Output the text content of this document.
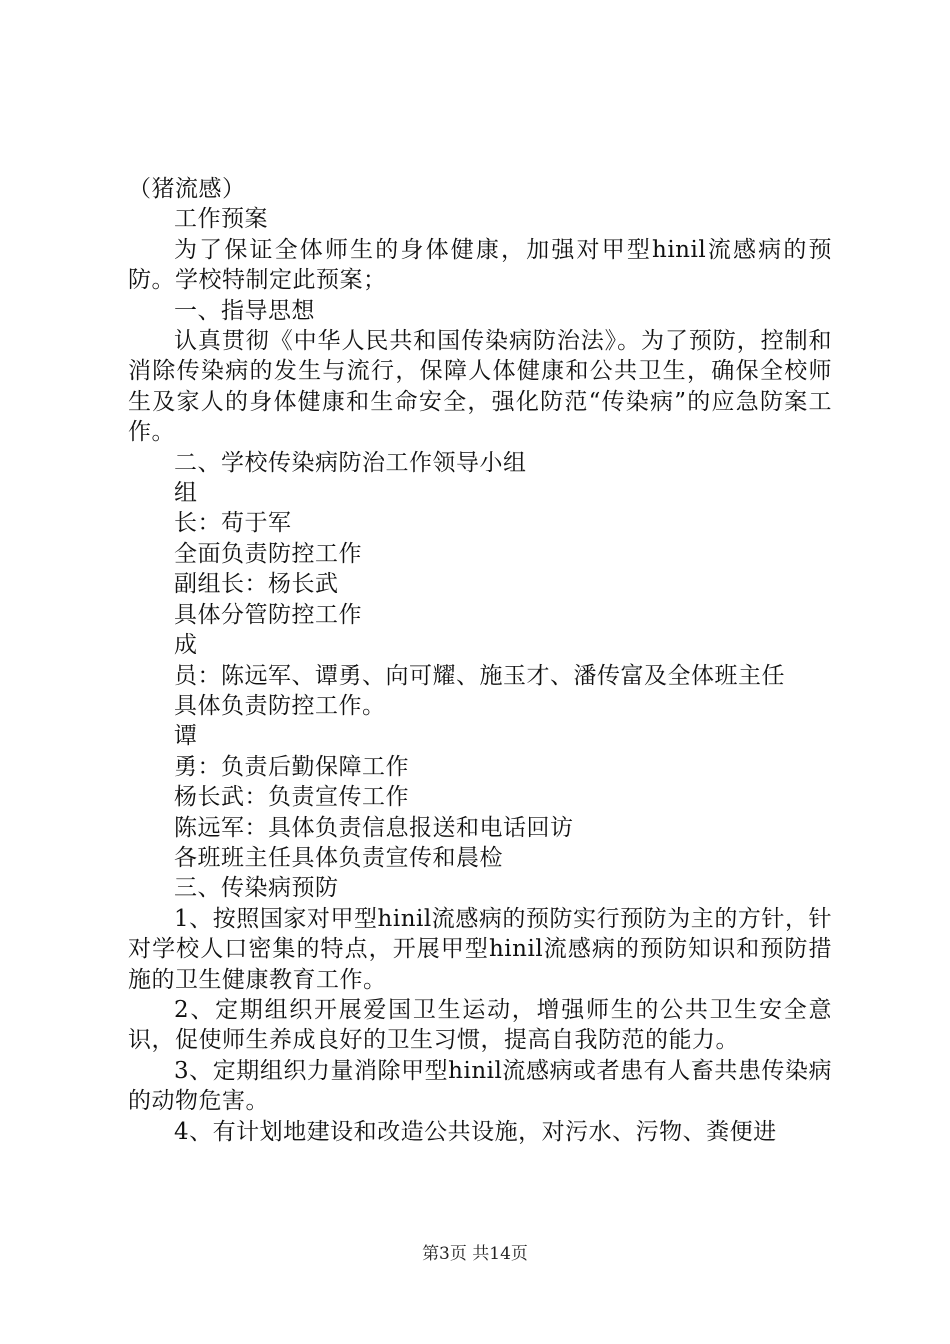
（猪流感）

工作预案

为了保证全体师生的身体健康，加强对甲型hinil流感病的预防。学校特制定此预案；

一、指导思想

认真贯彻《中华人民共和国传染病防治法》。为了预防，控制和消除传染病的发生与流行，保障人体健康和公共卫生，确保全校师生及家人的身体健康和生命安全，强化防范“传染病”的应急防案工作。

二、学校传染病防治工作领导小组

组

长：苟于军

全面负责防控工作

副组长：杨长武

具体分管防控工作

成

员：陈远军、谭勇、向可耀、施玉才、潘传富及全体班主任

具体负责防控工作。

谭

勇：负责后勤保障工作

杨长武：负责宣传工作

陈远军：具体负责信息报送和电话回访

各班班主任具体负责宣传和晨检

三、传染病预防

1、按照国家对甲型hinil流感病的预防实行预防为主的方针，针对学校人口密集的特点，开展甲型hinil流感病的预防知识和预防措施的卫生健康教育工作。

2、定期组织开展爱国卫生运动，增强师生的公共卫生安全意识，促使师生养成良好的卫生习惯，提高自我防范的能力。

3、定期组织力量消除甲型hinil流感病或者患有人畜共患传染病的动物危害。

4、有计划地建设和改造公共设施，对污水、污物、粪便进

第3页 共14页
